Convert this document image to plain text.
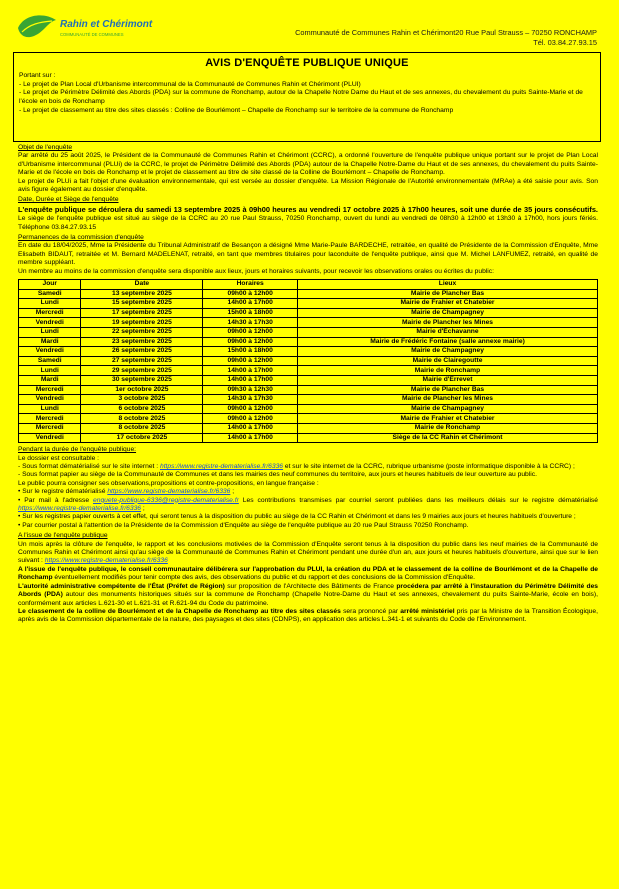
Rahin et Chérimont
COMMUNAUTÉ DE COMMUNES	Communauté de Communes Rahin et Chérimont20 Rue Paul Strauss – 70250 RONCHAMP
Tél. 03.84.27.93.15
AVIS D'ENQUÊTE PUBLIQUE UNIQUE
Portant sur :
- Le projet de Plan Local d'Urbanisme intercommunal de la Communauté de Communes Rahin et Chérimont (PLUI)
- Le projet de Périmètre Délimité des Abords (PDA) sur la commune de Ronchamp, autour de la Chapelle Notre Dame du Haut et de ses annexes, du chevalement du puits Sainte-Marie et de l'école en bois de Ronchamp
- Le projet de classement au titre des sites classés : Colline de Bourlémont – Chapelle de Ronchamp sur le territoire de la commune de Ronchamp
Objet de l'enquête

Par arrêté du 25 août 2025, le Président de la Communauté de Communes Rahin et Chérimont (CCRC), a ordonné l'ouverture de l'enquête publique unique portant sur le projet de Plan Local d'Urbanisme intercommunal (PLUi) de la CCRC, le projet de Périmètre Délimité des Abords (PDA) autour de la Chapelle Notre-Dame du Haut et de ses annexes, du chevalement du puits Sainte-Marie et de l'école en bois de Ronchamp et le projet de classement au titre de site classé de la Colline de Bourlémont – Chapelle de Ronchamp.

Le projet de PLUi a fait l'objet d'une évaluation environnementale, qui est versée au dossier d'enquête. La Mission Régionale de l'Autorité environnementale (MRAe) a été saisie pour avis. Son avis figure également au dossier d'enquête.

Date, Durée et Siège de l'enquête

L'enquête publique se déroulera du samedi 13 septembre 2025 à 09h00 heures au vendredi 17 octobre 2025 à 17h00 heures, soit une durée de 35 jours consécutifs. Le siège de l'enquête publique est situé au siège de la CCRC au 20 rue Paul Strauss, 70250 Ronchamp, ouvert du lundi au vendredi de 08h30 à 12h00 et 13h30 à 17h00, hors jours fériés. Téléphone 03.84.27.93.15

Permanences de la commission d'enquête

En date du 18/04/2025, Mme la Présidente du Tribunal Administratif de Besançon a désigné Mme Marie-Paule BARDECHE, retraitée, en qualité de Présidente de la Commission d'Enquête, Mme Elisabeth BIDAUT, retraitée et M. Bernard MADELENAT, retraité, en tant que membres titulaires pour laconduite de l'enquête publique, ainsi que M. Michel LANFUMEZ, retraité, en qualité de membre suppléant.

Un membre au moins de la commission d'enquête sera disponible aux lieux, jours et horaires suivants, pour recevoir les observations orales ou écrites du public:

Jour	Date	Horaires	Lieux
Samedi	13 septembre 2025	09h00 à 12h00	Mairie de Plancher Bas
Lundi	15 septembre 2025	14h00 à 17h00	Mairie de Frahier et Chatebier
Mercredi	17 septembre 2025	15h00 à 18h00	Mairie de Champagney
Vendredi	19 septembre 2025	14h30 à 17h30	Mairie de Plancher les Mines
Lundi	22 septembre 2025	09h00 à 12h00	Mairie d'Échavanne
Mardi	23 septembre 2025	09h00 à 12h00	Mairie de Frédéric Fontaine (salle annexe mairie)
Vendredi	26 septembre 2025	15h00 à 18h00	Mairie de Champagney
Samedi	27 septembre 2025	09h00 à 12h00	Mairie de Clairegoutte
Lundi	29 septembre 2025	14h00 à 17h00	Mairie de Ronchamp
Mardi	30 septembre 2025	14h00 à 17h00	Mairie d'Errevet
Mercredi	1er octobre 2025	09h30 à 12h30	Mairie de Plancher Bas
Vendredi	3 octobre 2025	14h30 à 17h30	Mairie de Plancher les Mines
Lundi	6 octobre 2025	09h00 à 12h00	Mairie de Champagney
Mercredi	8 octobre 2025	09h00 à 12h00	Mairie de Frahier et Chatebier
Mercredi	8 octobre 2025	14h00 à 17h00	Mairie de Ronchamp
Vendredi	17 octobre 2025	14h00 à 17h00	Siège de la CC Rahin et Chérimont
Pendant la durée de l'enquête publique:

Le dossier est consultable :

- Sous format dématérialisé sur le site internet : https://www.registre-dematerialise.fr/6336 et sur le site internet de la CCRC, rubrique urbanisme (poste informatique disponible à la CCRC) ;

- Sous format papier au siège de la Communauté de Communes et dans les mairies des neuf communes du territoire, aux jours et heures habituels de leur ouverture au public.

Le public pourra consigner ses observations,propositions et contre-propositions, en langue française :

• Sur le registre dématérialisé https://www.registre-dematerialise.fr/6336 ;

• Par mail à l'adresse enquete-publique-6336@registre-dematerialise.fr Les contributions transmises par courriel seront publiées dans les meilleurs délais sur le registre dématérialisé https://www.registre-dematerialise.fr/6336 ;

• Sur les registres papier ouverts à cet effet, qui seront tenus à la disposition du public au siège de la CC Rahin et Chérimont et dans les 9 mairies aux jours et heures habituels d'ouverture ;

• Par courrier postal à l'attention de la Présidente de la Commission d'Enquête au siège de l'enquête publique au 20 rue Paul Strauss 70250 Ronchamp.

A l'issue de l'enquête publique

Un mois après la clôture de l'enquête, le rapport et les conclusions motivées de la Commission d'Enquête seront tenus à la disposition du public dans les neuf mairies de la Communauté de Communes Rahin et Chérimont ainsi qu'au siège de la Communauté de Communes Rahin et Chérimont pendant une durée d'un an, aux jours et heures habituels d'ouverture, ainsi que sur le lien suivant : https://www.registre-dematerialise.fr/6336

A l'issue de l'enquête publique, le conseil communautaire délibérera sur l'approbation du PLUI, la création du PDA et le classement de la colline de Bourlémont et de la Chapelle de Ronchamp éventuellement modifiés pour tenir compte des avis, des observations du public et du rapport et des conclusions de la Commission d'Enquête.

L'autorité administrative compétente de l'État (Préfet de Région) sur proposition de l'Architecte des Bâtiments de France procédera par arrêté à l'instauration du Périmètre Délimité des Abords (PDA) autour des monuments historiques situés sur la commune de Ronchamp (Chapelle Notre-Dame du Haut et ses annexes, chevalement du puits Sainte-Marie, école en bois), conformément aux articles L.621-30 et L.621-31 et R.621-94 du Code du patrimoine.

Le classement de la colline de Bourlémont et de la Chapelle de Ronchamp au titre des sites classés sera prononcé par arrêté ministériel pris par la Ministre de la Transition Écologique, après avis de la Commission départementale de la nature, des paysages et des sites (CDNPS), en application des articles L.341-1 et suivants du Code de l'Environnement.
